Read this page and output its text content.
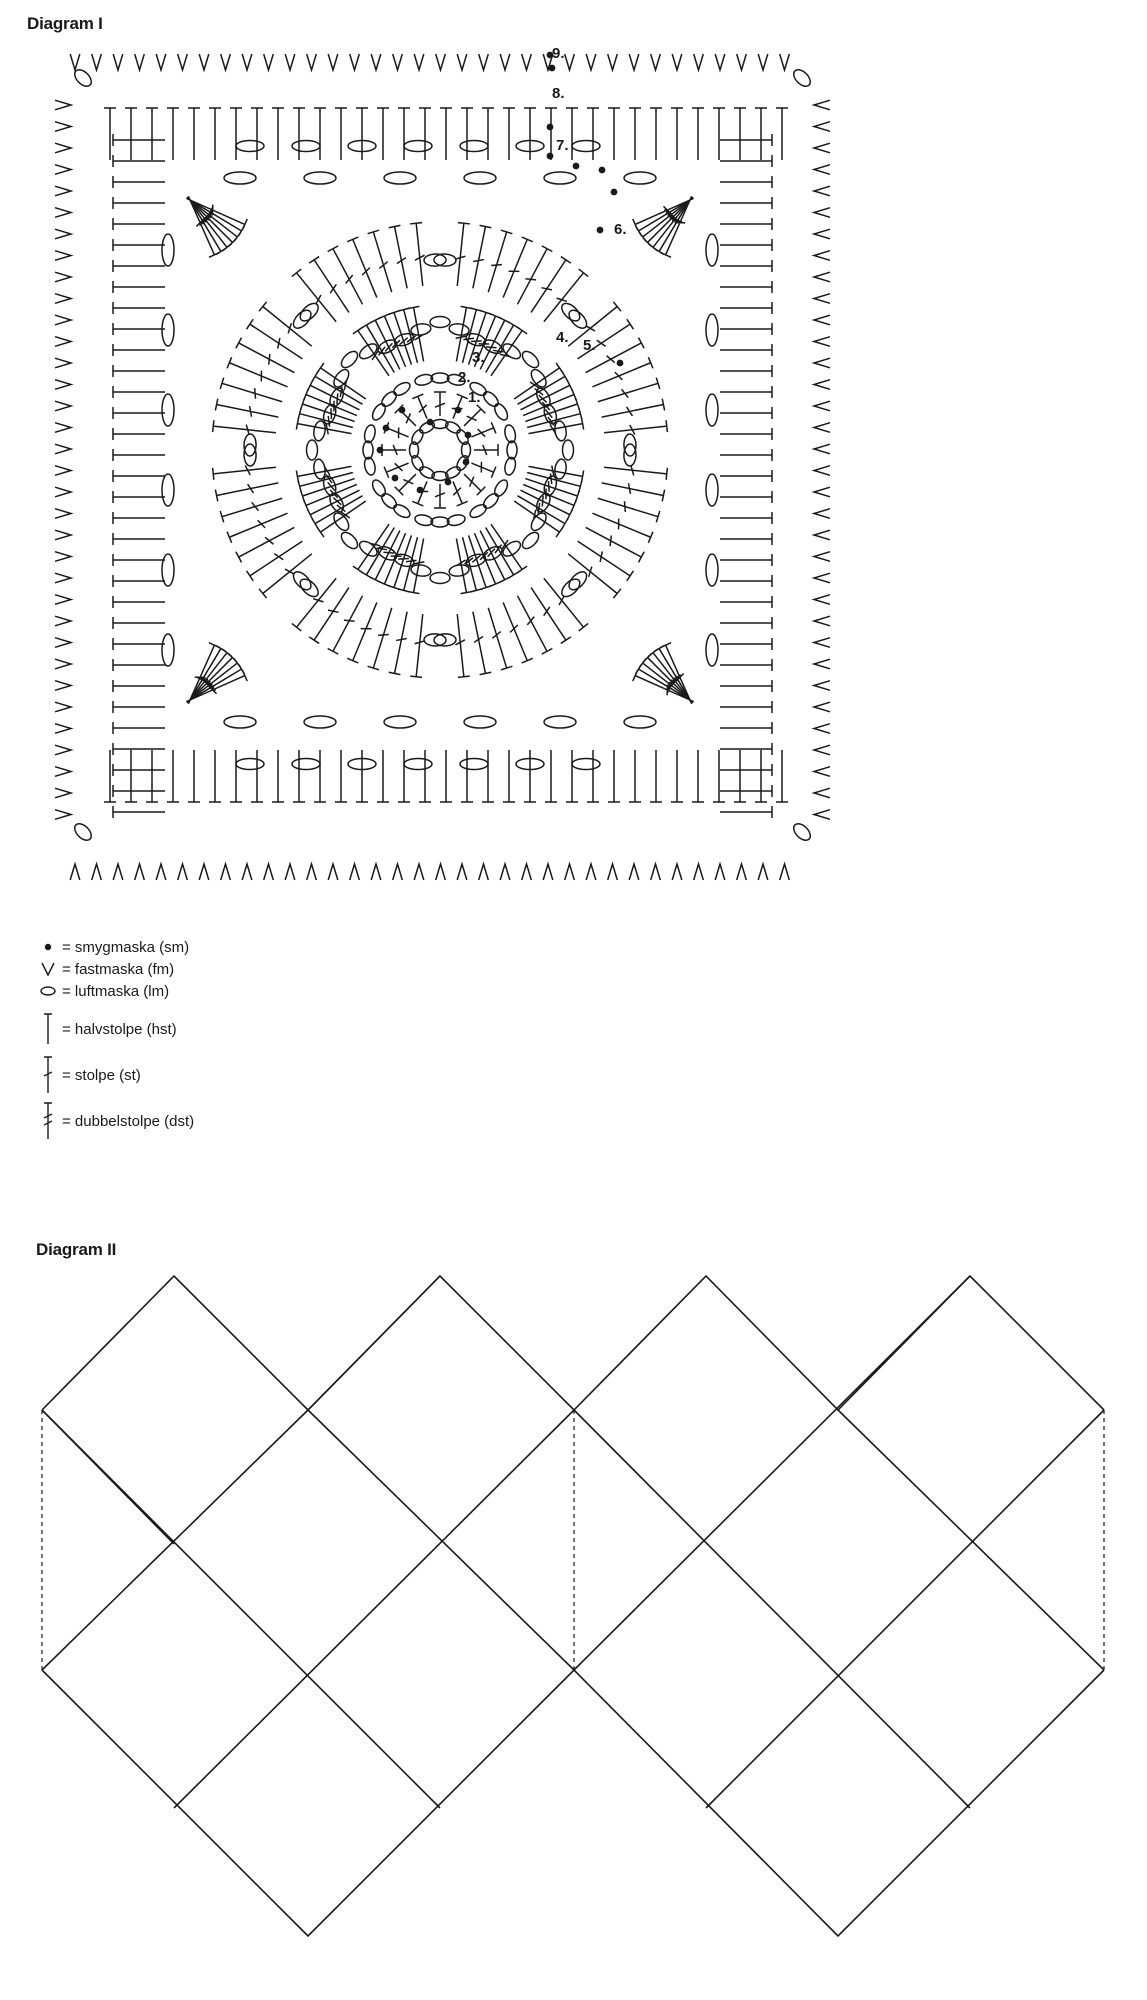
Diagram I
1.
2.
3.
4. 5.
6.
7.
8.
9.
= smygmaska (sm)
= fastmaska (fm)
= luftmaska (lm)
= halvstolpe (hst)
= stolpe (st)
= dubbelstolpe (dst)
Diagram II
